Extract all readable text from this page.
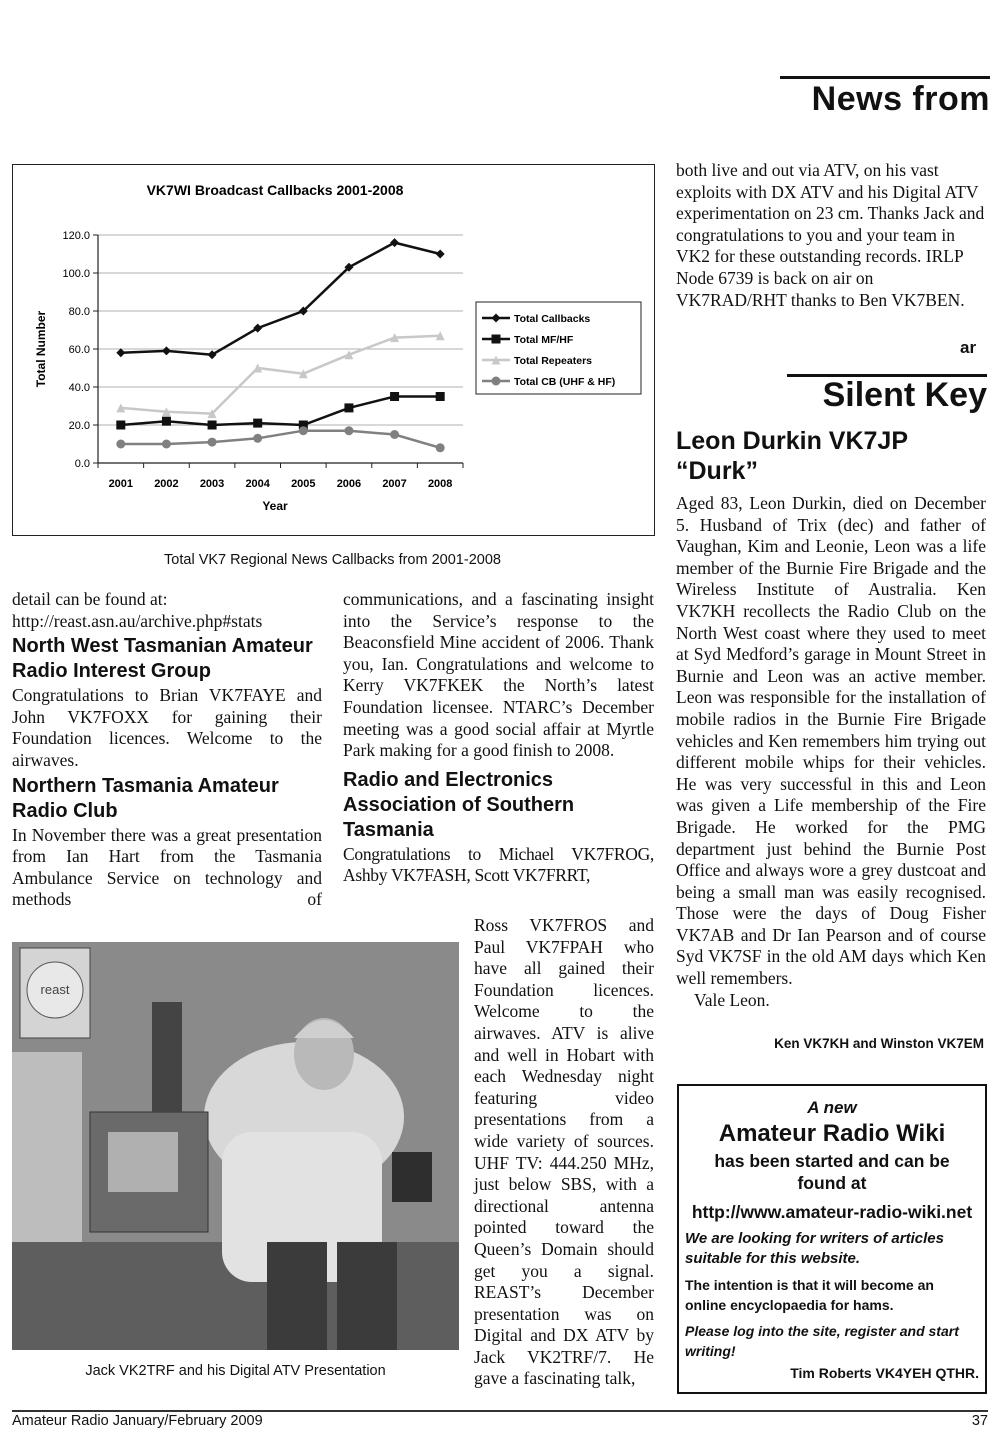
News from
VK7WI Broadcast Callbacks 2001-2008
Total Number
Year
0.0
20.0
40.0
60.0
80.0
100.0
120.0
2001 2002 2003 2004 2005 2006 2007 2008
Total Callbacks
Total MF/HF
Total Repeaters
Total CB (UHF & HF)
Total VK7 Regional News Callbacks from 2001-2008

detail can be found at: http://reast.asn.au/archive.php#stats

North West Tasmanian Amateur Radio Interest Group

Congratulations to Brian VK7FAYE and John VK7FOXX for gaining their Foundation licences. Welcome to the airwaves.

Northern Tasmania Amateur Radio Club

In November there was a great presentation from Ian Hart from the Tasmania Ambulance Service on technology and methods of

communications, and a fascinating insight into the Service’s response to the Beaconsfield Mine accident of 2006. Thank you, Ian. Congratulations and welcome to Kerry VK7FKEK the North’s latest Foundation licensee. NTARC’s December meeting was a good social affair at Myrtle Park making for a good finish to 2008.

Radio and Electronics Association of Southern Tasmania

Congratulations to Michael VK7FROG, Ashby VK7FASH, Scott VK7FRRT,

Ross VK7FROS and Paul VK7FPAH who have all gained their Foundation licences. Welcome to the airwaves. ATV is alive and well in Hobart with each Wednesday night featuring video presentations from a wide variety of sources. UHF TV: 444.250 MHz, just below SBS, with a directional antenna pointed toward the Queen’s Domain should get you a signal. REAST’s December presentation was on Digital and DX ATV by Jack VK2TRF/7. He gave a fascinating talk,

reast
Jack VK2TRF and his Digital ATV Presentation

both live and out via ATV, on his vast exploits with DX ATV and his Digital ATV experimentation on 23 cm. Thanks Jack and congratulations to you and your team in VK2 for these outstanding records. IRLP Node 6739 is back on air on VK7RAD/RHT thanks to Ben VK7BEN.

ar
Silent Key
Leon Durkin VK7JP
“Durk”

Aged 83, Leon Durkin, died on December 5. Husband of Trix (dec) and father of Vaughan, Kim and Leonie, Leon was a life member of the Burnie Fire Brigade and the Wireless Institute of Australia. Ken VK7KH recollects the Radio Club on the North West coast where they used to meet at Syd Medford’s garage in Mount Street in Burnie and Leon was an active member. Leon was responsible for the installation of mobile radios in the Burnie Fire Brigade vehicles and Ken remembers him trying out different mobile whips for their vehicles. He was very successful in this and Leon was given a Life membership of the Fire Brigade. He worked for the PMG department just behind the Burnie Post Office and always wore a grey dustcoat and being a small man was easily recognised. Those were the days of Doug Fisher VK7AB and Dr Ian Pearson and of course Syd VK7SF in the old AM days which Ken well remembers.

Vale Leon.

Ken VK7KH and Winston VK7EM
A new
Amateur Radio Wiki
has been started and can be found at
http://www.amateur-radio-wiki.net
We are looking for writers of articles suitable for this website.
The intention is that it will become an online encyclopaedia for hams.
Please log into the site, register and start writing!
Tim Roberts VK4YEH QTHR.
Amateur Radio January/February 2009	37
